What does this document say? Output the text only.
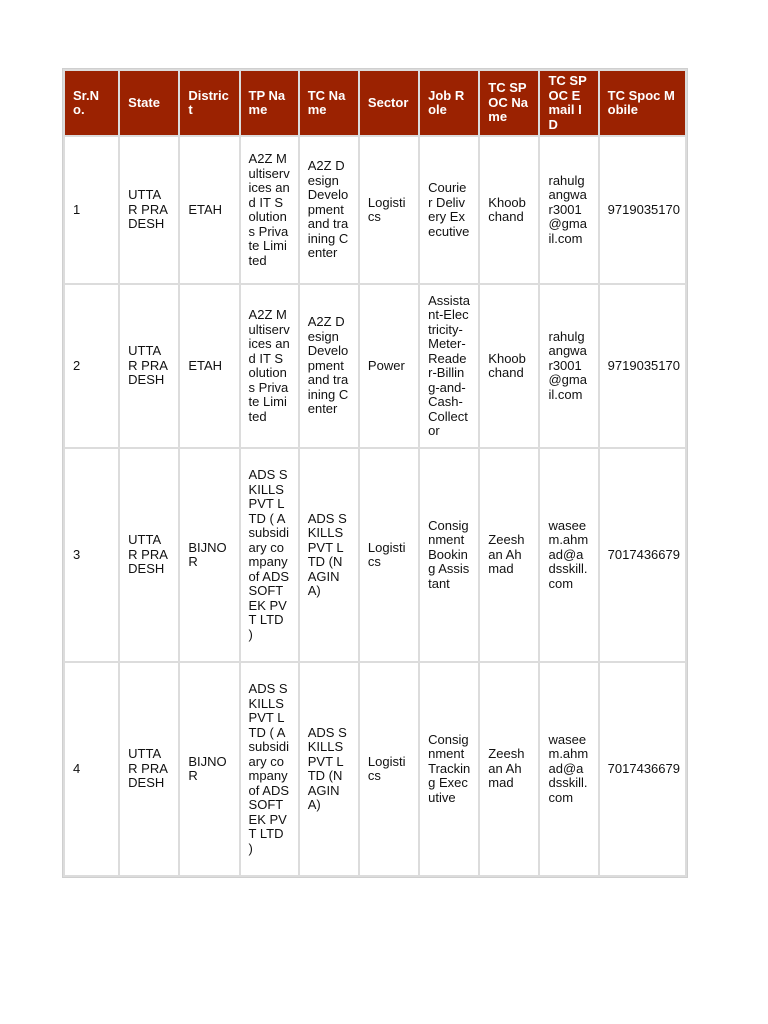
Sr.No.	State	District	TP Name	TC Name	Sector	Job Role	TC SPOC Name	TC SPOC Email ID	TC Spoc Mobile
1	UTTAR PRADESH	ETAH	A2Z Multiservices and IT Solutions Private Limited	A2Z Design Development and training Center	Logistics	Courier Delivery Executive	Khoob chand	rahulgangwar3001@gmail.com	9719035170
2	UTTAR PRADESH	ETAH	A2Z Multiservices and IT Solutions Private Limited	A2Z Design Development and training Center	Power	Assistant-Electricity-Meter-Reader-Billing-and-Cash-Collector	Khoob chand	rahulgangwar3001@gmail.com	9719035170
3	UTTAR PRADESH	BIJNOR	ADS SKILLS PVT LTD ( A subsidiary company of ADS SOFTEK PVT LTD )	ADS SKILLS PVT LTD (NAGINA)	Logistics	Consignment Booking Assistant	Zeeshan Ahmad	waseem.ahmad@adsskill.com	7017436679
4	UTTAR PRADESH	BIJNOR	ADS SKILLS PVT LTD ( A subsidiary company of ADS SOFTEK PVT LTD )	ADS SKILLS PVT LTD (NAGINA)	Logistics	Consignment Tracking Executive	Zeeshan Ahmad	waseem.ahmad@adsskill.com	7017436679
